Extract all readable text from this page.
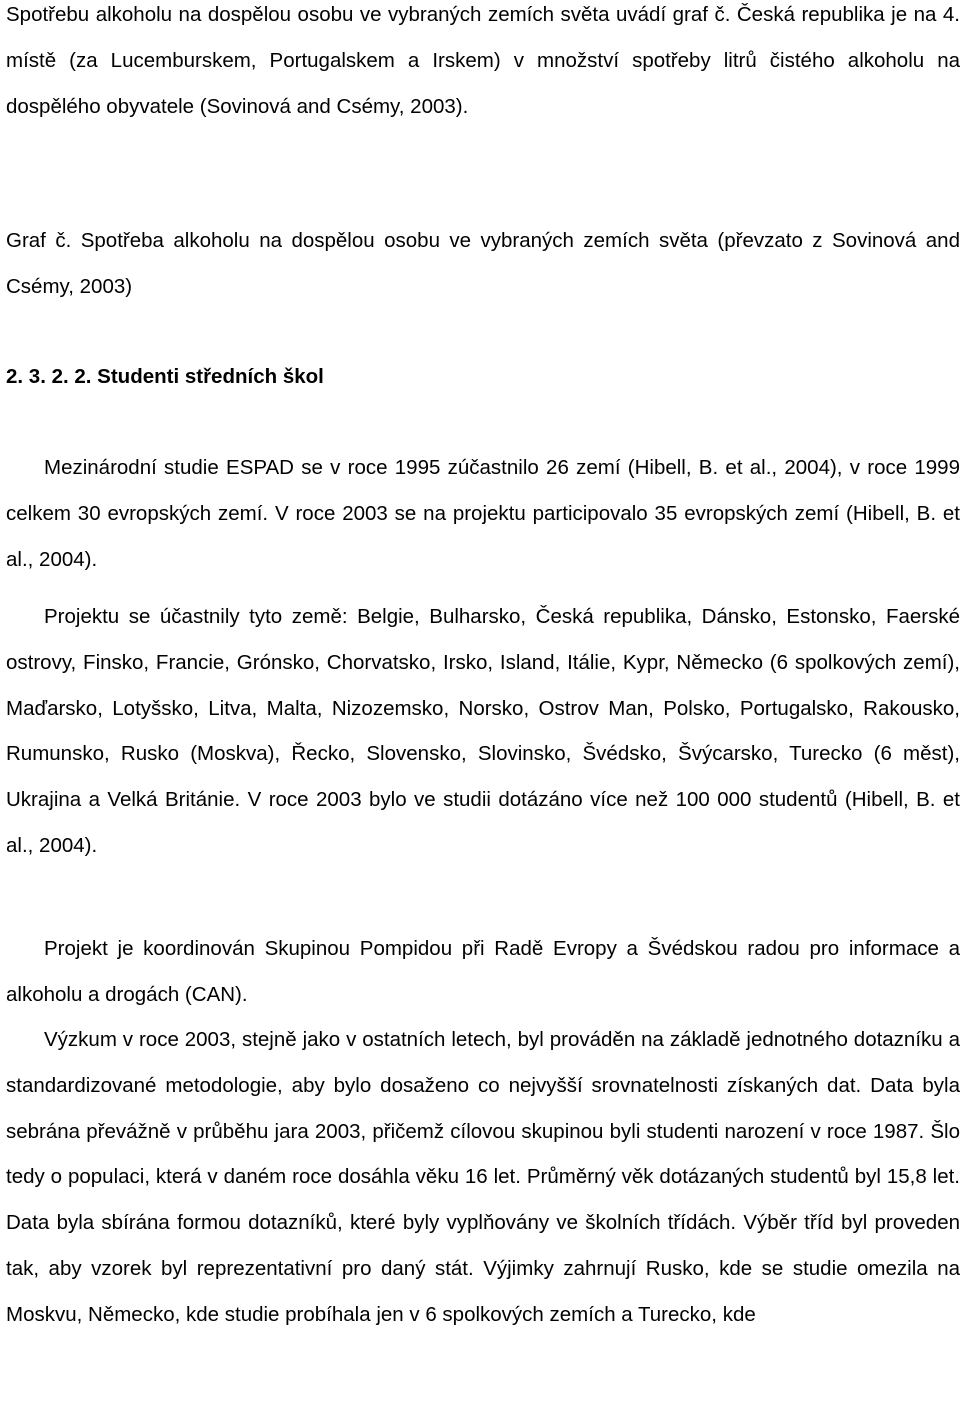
Spotřebu alkoholu na dospělou osobu ve vybraných zemích světa uvádí graf č. Česká republika je na 4. místě (za Lucemburskem, Portugalskem a Irskem) v množství spotřeby litrů čistého alkoholu na dospělého obyvatele (Sovinová and Csémy, 2003).

Graf č. Spotřeba alkoholu na dospělou osobu ve vybraných zemích světa (převzato z Sovinová and Csémy, 2003)

2. 3. 2. 2. Studenti středních škol

Mezinárodní studie ESPAD se v roce 1995 zúčastnilo 26 zemí (Hibell, B. et al., 2004), v roce 1999 celkem 30 evropských zemí. V roce 2003 se na projektu participovalo 35 evropských zemí (Hibell, B. et al., 2004).

Projektu se účastnily tyto země: Belgie, Bulharsko, Česká republika, Dánsko, Estonsko, Faerské ostrovy, Finsko, Francie, Grónsko, Chorvatsko, Irsko, Island, Itálie, Kypr, Německo (6 spolkových zemí), Maďarsko, Lotyšsko, Litva, Malta, Nizozemsko, Norsko, Ostrov Man, Polsko, Portugalsko, Rakousko, Rumunsko, Rusko (Moskva), Řecko, Slovensko, Slovinsko, Švédsko, Švýcarsko, Turecko (6 měst), Ukrajina a Velká Británie. V roce 2003 bylo ve studii dotázáno více než 100 000 studentů (Hibell, B. et al., 2004).

Projekt je koordinován Skupinou Pompidou při Radě Evropy a Švédskou radou pro informace a alkoholu a drogách (CAN).

Výzkum v roce 2003, stejně jako v ostatních letech, byl prováděn na základě jednotného dotazníku a standardizované metodologie, aby bylo dosaženo co nejvyšší srovnatelnosti získaných dat. Data byla sebrána převážně v průběhu jara 2003, přičemž cílovou skupinou byli studenti narození v roce 1987. Šlo tedy o populaci, která v daném roce dosáhla věku 16 let. Průměrný věk dotázaných studentů byl 15,8 let. Data byla sbírána formou dotazníků, které byly vyplňovány ve školních třídách. Výběr tříd byl proveden tak, aby vzorek byl reprezentativní pro daný stát. Výjimky zahrnují Rusko, kde se studie omezila na Moskvu, Německo, kde studie probíhala jen v 6 spolkových zemích a Turecko, kde
